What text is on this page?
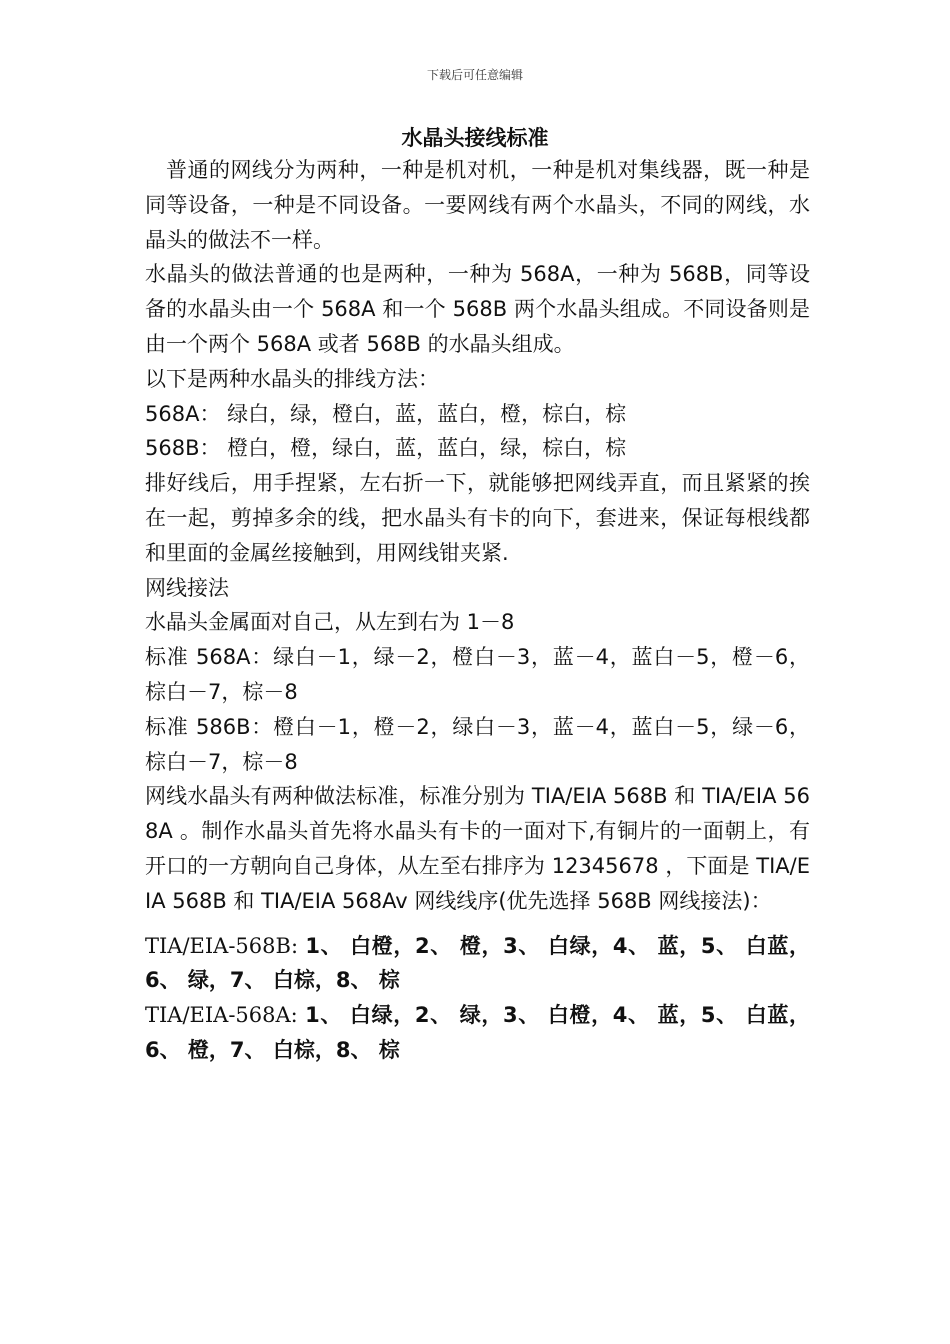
下载后可任意编辑
水晶头接线标准

普通的网线分为两种，一种是机对机，一种是机对集线器，既一种是同等设备，一种是不同设备。一要网线有两个水晶头，不同的网线，水晶头的做法不一样。

水晶头的做法普通的也是两种，一种为 568A，一种为 568B，同等设备的水晶头由一个 568A 和一个 568B 两个水晶头组成。不同设备则是由一个两个 568A 或者 568B 的水晶头组成。

以下是两种水晶头的排线方法：

568A： 绿白，绿，橙白，蓝，蓝白，橙，棕白，棕

568B： 橙白，橙，绿白，蓝，蓝白，绿，棕白，棕

排好线后，用手捏紧，左右折一下，就能够把网线弄直，而且紧紧的挨在一起，剪掉多余的线，把水晶头有卡的向下，套进来，保证每根线都和里面的金属丝接触到，用网线钳夹紧.

网线接法

水晶头金属面对自己，从左到右为 1－8

标准 568A：绿白－1，绿－2，橙白－3，蓝－4，蓝白－5，橙－6，棕白－7，棕－8

标准 586B：橙白－1，橙－2，绿白－3，蓝－4，蓝白－5，绿－6，棕白－7，棕－8

网线水晶头有两种做法标准，标准分别为 TIA/EIA 568B 和 TIA/EIA 568A 。制作水晶头首先将水晶头有卡的一面对下,有铜片的一面朝上，有开口的一方朝向自己身体，从左至右排序为 12345678 ，下面是 TIA/EIA 568B 和 TIA/EIA 568Av 网线线序(优先选择 568B 网线接法)：

TIA/EIA-568B: 1、 白橙，2、 橙，3、 白绿，4、 蓝，5、 白蓝，6、 绿，7、 白棕，8、 棕

TIA/EIA-568A: 1、 白绿，2、 绿，3、 白橙，4、 蓝，5、 白蓝，6、 橙，7、 白棕，8、 棕
